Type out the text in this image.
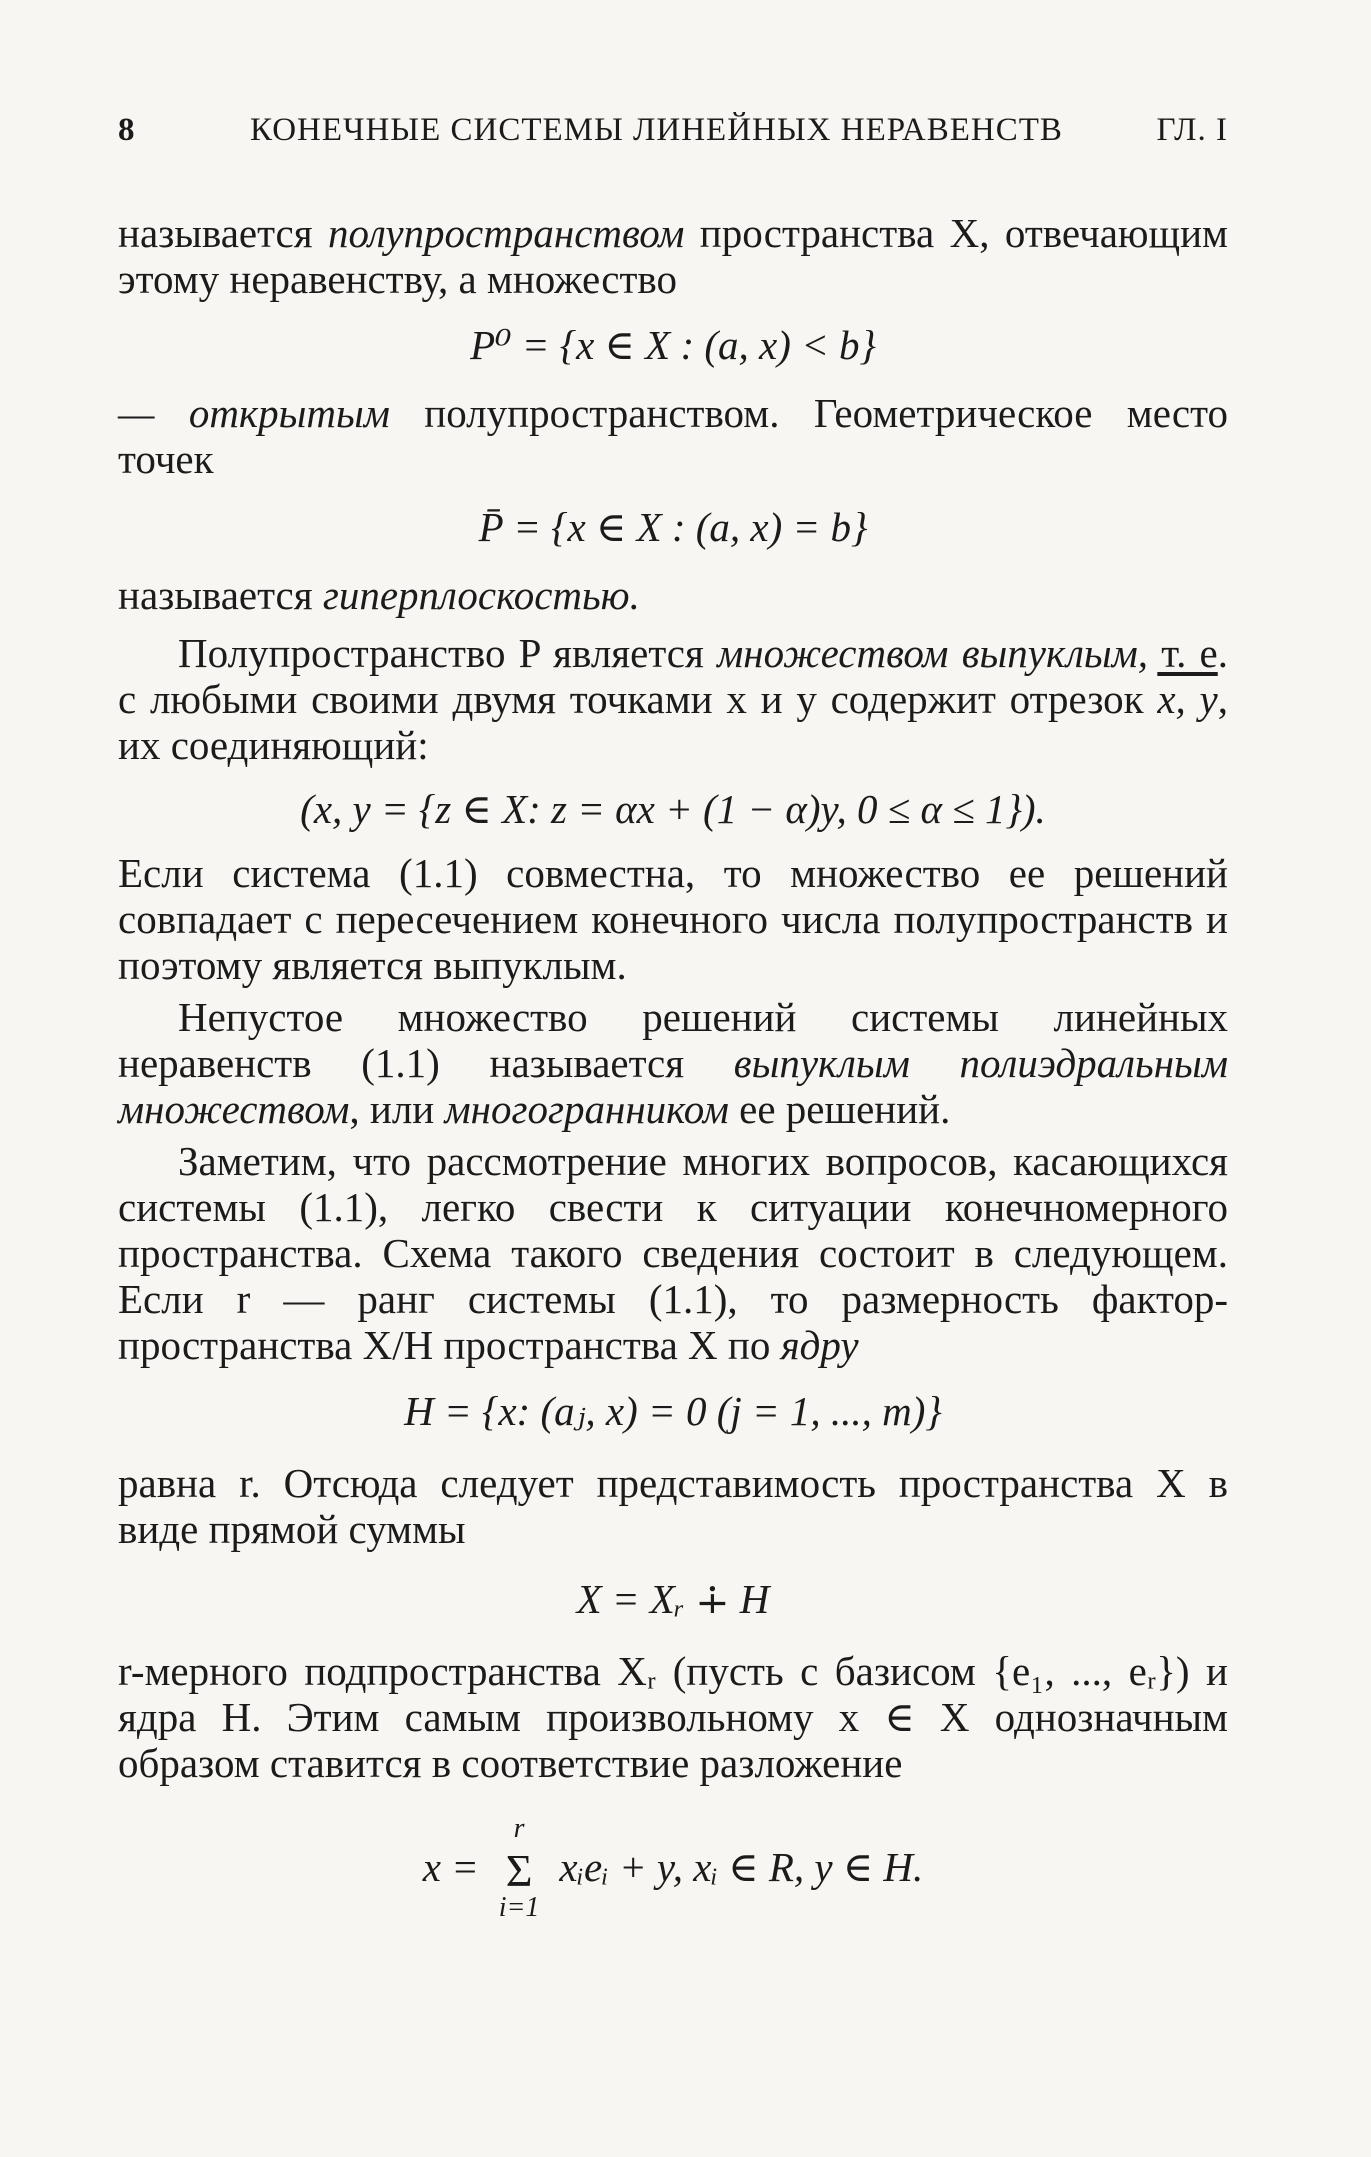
8	КОНЕЧНЫЕ СИСТЕМЫ ЛИНЕЙНЫХ НЕРАВЕНСТВ	ГЛ. I

называется полупространством пространства X, отвечающим этому неравенству, а множество

P⁰ = {x ∈ X : (a, x) < b}

— открытым полупространством. Геометрическое место точек

P̄ = {x ∈ X : (a, x) = b}

называется гиперплоскостью.

Полупространство P является множеством выпуклым, т. е. с любыми своими двумя точками x и y содержит отрезок x, y, их соединяющий:

(x, y = {z ∈ X: z = αx + (1 − α)y, 0 ≤ α ≤ 1}).

Если система (1.1) совместна, то множество ее решений совпадает с пересечением конечного числа полупространств и поэтому является выпуклым.

Непустое множество решений системы линейных неравенств (1.1) называется выпуклым полиэдральным множеством, или многогранником ее решений.

Заметим, что рассмотрение многих вопросов, касающихся системы (1.1), легко свести к ситуации конечномерного пространства. Схема такого сведения состоит в следующем. Если r — ранг системы (1.1), то размерность фактор-пространства X/H пространства X по ядру

H = {x: (aⱼ, x) = 0 (j = 1, ..., m)}

равна r. Отсюда следует представимость пространства X в виде прямой суммы

X = Xᵣ ∔ H

r-мерного подпространства Xᵣ (пусть с базисом {e₁, ..., eᵣ}) и ядра H. Этим самым произвольному x ∈ X однозначным образом ставится в соответствие разложение

x =
r
Σ
i=1
xᵢeᵢ + y, xᵢ ∈ R, y ∈ H.
